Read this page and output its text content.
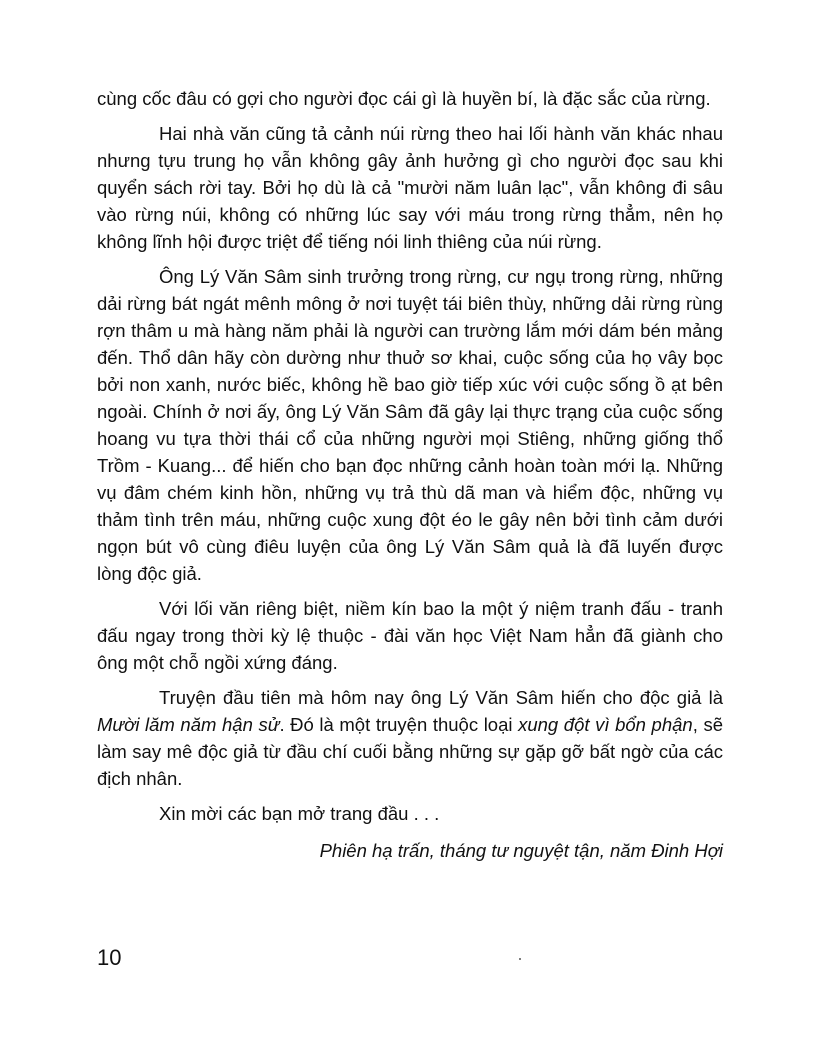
cùng cốc đâu có gợi cho người đọc cái gì là huyền bí, là đặc sắc của rừng.

Hai nhà văn cũng tả cảnh núi rừng theo hai lối hành văn khác nhau nhưng tựu trung họ vẫn không gây ảnh hưởng gì cho người đọc sau khi quyển sách rời tay. Bởi họ dù là cả "mười năm luân lạc", vẫn không đi sâu vào rừng núi, không có những lúc say với máu trong rừng thẳm, nên họ không lĩnh hội được triệt để tiếng nói linh thiêng của núi rừng.

Ông Lý Văn Sâm sinh trưởng trong rừng, cư ngụ trong rừng, những dải rừng bát ngát mênh mông ở nơi tuyệt tái biên thùy, những dải rừng rùng rợn thâm u mà hàng năm phải là người can trường lắm mới dám bén mảng đến. Thổ dân hãy còn dường như thuở sơ khai, cuộc sống của họ vây bọc bởi non xanh, nước biếc, không hề bao giờ tiếp xúc với cuộc sống ồ ạt bên ngoài. Chính ở nơi ấy, ông Lý Văn Sâm đã gây lại thực trạng của cuộc sống hoang vu tựa thời thái cổ của những người mọi Stiêng, những giống thổ Trồm - Kuang... để hiến cho bạn đọc những cảnh hoàn toàn mới lạ. Những vụ đâm chém kinh hồn, những vụ trả thù dã man và hiểm độc, những vụ thảm tình trên máu, những cuộc xung đột éo le gây nên bởi tình cảm dưới ngọn bút vô cùng điêu luyện của ông Lý Văn Sâm quả là đã luyến được lòng độc giả.

Với lối văn riêng biệt, niềm kín bao la một ý niệm tranh đấu - tranh đấu ngay trong thời kỳ lệ thuộc - đài văn học Việt Nam hẳn đã giành cho ông một chỗ ngồi xứng đáng.

Truyện đầu tiên mà hôm nay ông Lý Văn Sâm hiến cho độc giả là Mười lăm năm hận sử. Đó là một truyện thuộc loại xung đột vì bổn phận, sẽ làm say mê độc giả từ đầu chí cuối bằng những sự gặp gỡ bất ngờ của các địch nhân.

Xin mời các bạn mở trang đầu . . .

Phiên hạ trấn, tháng tư nguyệt tận, năm Đinh Hợi

10
